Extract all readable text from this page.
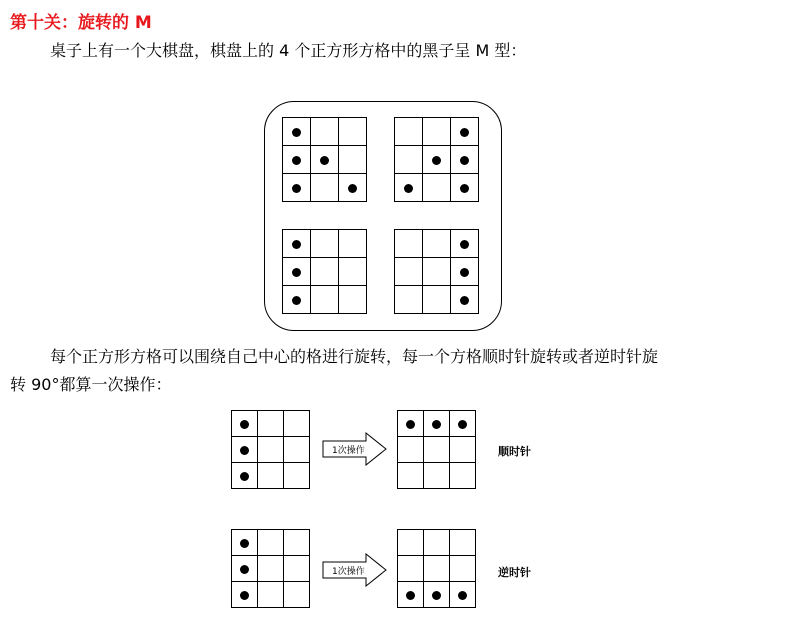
第十关：旋转的 M
桌子上有一个大棋盘，棋盘上的 4 个正方形方格中的黑子呈 M 型：

每个正方形方格可以围绕自己中心的格进行旋转，每一个方格顺时针旋转或者逆时针旋
转 90°都算一次操作：

1次操作

			顺时针

1次操作

			逆时针
